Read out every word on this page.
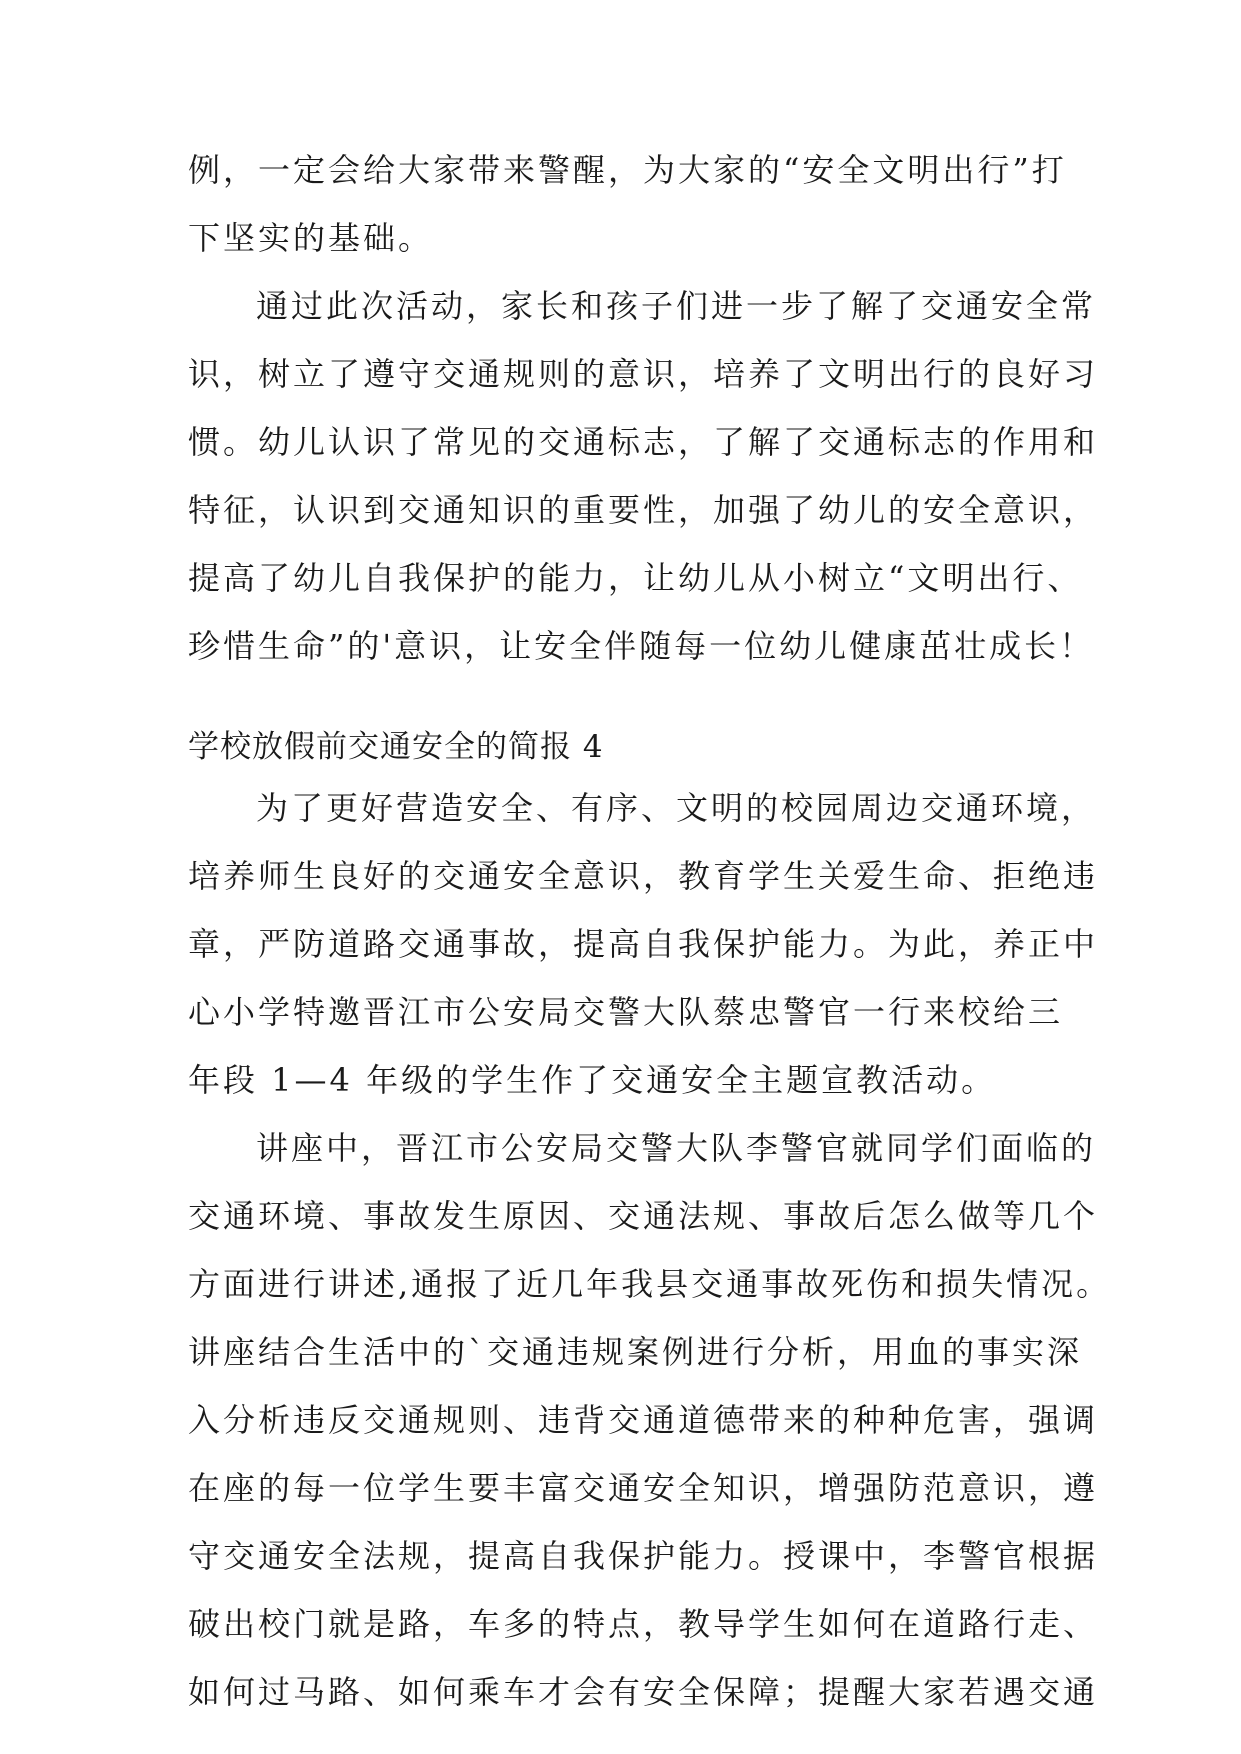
例，一定会给大家带来警醒，为大家的“安全文明出行”打
下坚实的基础。
通过此次活动，家长和孩子们进一步了解了交通安全常
识，树立了遵守交通规则的意识，培养了文明出行的良好习
惯。幼儿认识了常见的交通标志，了解了交通标志的作用和
特征，认识到交通知识的重要性，加强了幼儿的安全意识，
提高了幼儿自我保护的能力，让幼儿从小树立“文明出行、
珍惜生命”的'意识，让安全伴随每一位幼儿健康茁壮成长！
学校放假前交通安全的简报 4
为了更好营造安全、有序、文明的校园周边交通环境，
培养师生良好的交通安全意识，教育学生关爱生命、拒绝违
章，严防道路交通事故，提高自我保护能力。为此，养正中
心小学特邀晋江市公安局交警大队蔡忠警官一行来校给三
年段 1—4 年级的学生作了交通安全主题宣教活动。
讲座中，晋江市公安局交警大队李警官就同学们面临的
交通环境、事故发生原因、交通法规、事故后怎么做等几个
方面进行讲述,通报了近几年我县交通事故死伤和损失情况。
讲座结合生活中的`交通违规案例进行分析，用血的事实深
入分析违反交通规则、违背交通道德带来的种种危害，强调
在座的每一位学生要丰富交通安全知识，增强防范意识，遵
守交通安全法规，提高自我保护能力。授课中，李警官根据
破出校门就是路，车多的特点，教导学生如何在道路行走、
如何过马路、如何乘车才会有安全保障；提醒大家若遇交通
